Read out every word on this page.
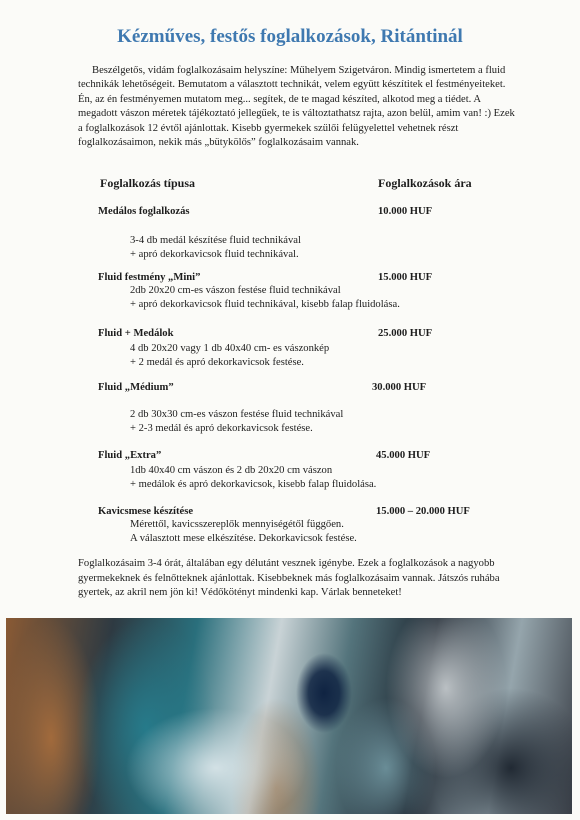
Kézműves, festős foglalkozások, Ritántinál

Beszélgetős, vidám foglalkozásaim helyszíne: Műhelyem Szigetváron. Mindig ismertetem a fluid technikák lehetőségeit. Bemutatom a választott technikát, velem együtt készítitek el festményeiteket. Én, az én festményemen mutatom meg... segítek, de te magad készíted, alkotod meg a tiédet. A megadott vászon méretek tájékoztató jellegűek, te is változtathatsz rajta, azon belül, amim van! :) Ezek a foglalkozások 12 évtől ajánlottak. Kisebb gyermekek szülői felügyelettel vehetnek részt foglalkozásaimon, nekik más „bütykölős” foglalkozásaim vannak.

Foglalkozás típusa	Foglalkozások ára
Medálos foglalkozás	10.000 HUF
3-4 db medál készítése fluid technikával
+ apró dekorkavicsok fluid technikával.
Fluid festmény „Mini”	15.000 HUF
2db 20x20 cm-es vászon festése fluid technikával
+ apró dekorkavicsok fluid technikával, kisebb falap fluidolása.
Fluid + Medálok	25.000 HUF
4 db 20x20 vagy 1 db 40x40 cm- es vászonkép
+ 2 medál és apró dekorkavicsok festése.
Fluid „Médium”	30.000 HUF
2 db 30x30 cm-es vászon festése fluid technikával
+ 2-3 medál és apró dekorkavicsok festése.
Fluid „Extra”	45.000 HUF
1db 40x40 cm vászon és 2 db 20x20 cm vászon
+ medálok és apró dekorkavicsok, kisebb falap fluidolása.
Kavicsmese készítése	15.000 – 20.000 HUF
Mérettől, kavicsszereplők mennyiségétől függően.
A választott mese elkészítése. Dekorkavicsok festése.

Foglalkozásaim 3-4 órát, általában egy délutánt vesznek igénybe. Ezek a foglalkozások a nagyobb gyermekeknek és felnőtteknek ajánlottak. Kisebbeknek más foglalkozásaim vannak. Játszós ruhába gyertek, az akril nem jön ki! Védőkötényt mindenki kap. Várlak benneteket!
